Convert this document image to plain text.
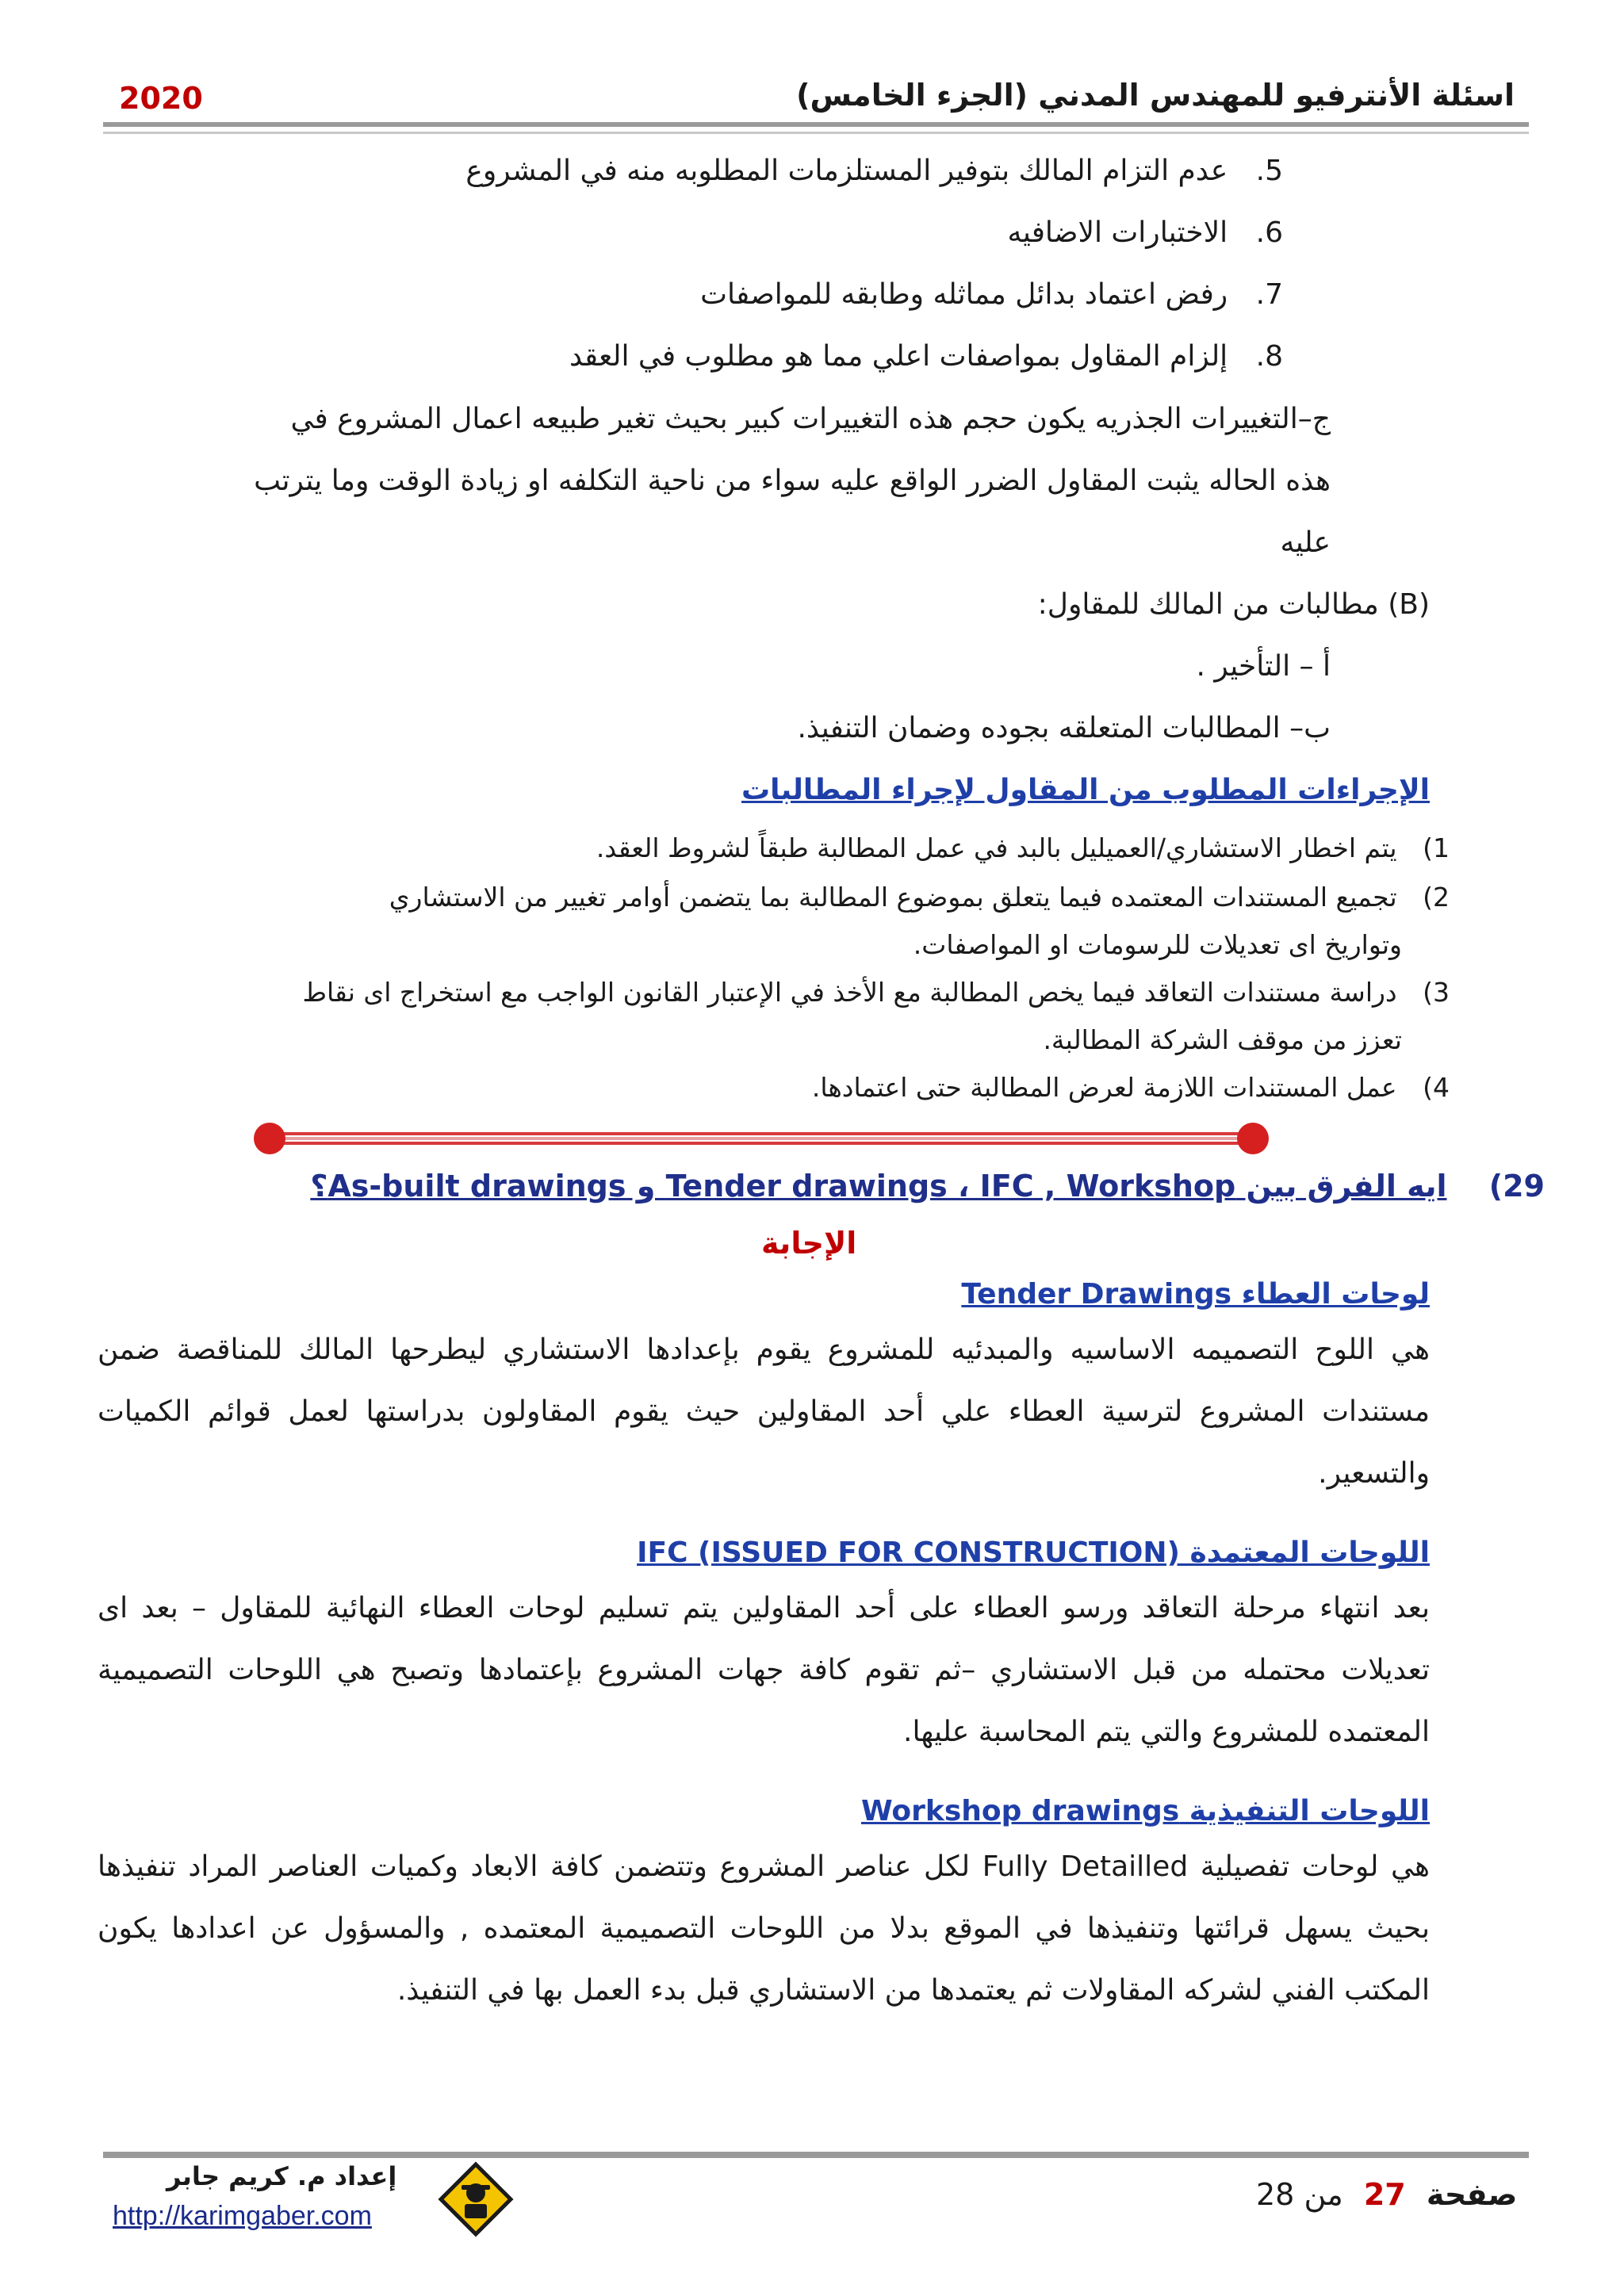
اسئلة الأنترفيو للمهندس المدني (الجزء الخامس)
2020
5. عدم التزام المالك بتوفير المستلزمات المطلوبه منه في المشروع
6. الاختبارات الاضافيه
7. رفض اعتماد بدائل مماثله وطابقه للمواصفات
8. إلزام المقاول بمواصفات اعلي مما هو مطلوب في العقد
ج–التغييرات الجذريه يكون حجم هذه التغييرات كبير بحيث تغير طبيعه اعمال المشروع في
هذه الحاله يثبت المقاول الضرر الواقع عليه سواء من ناحية التكلفه او زيادة الوقت وما يترتب
عليه
(B) مطالبات من المالك للمقاول:
أ – التأخير .
ب– المطالبات المتعلقه بجوده وضمان التنفيذ.
الإجراءات المطلوب من المقاول لإجراء المطالبات
1) يتم اخطار الاستشاري/العميليل بالبد في عمل المطالبة طبقاً لشروط العقد.
2) تجميع المستندات المعتمده فيما يتعلق بموضوع المطالبة بما يتضمن أوامر تغيير من الاستشاري
وتواريخ اى تعديلات للرسومات او المواصفات.
3) دراسة مستندات التعاقد فيما يخص المطالبة مع الأخذ في الإعتبار القانون الواجب مع استخراج اى نقاط
تعزز من موقف الشركة المطالبة.
4) عمل المستندات اللازمة لعرض المطالبة حتى اعتمادها.
29) ايه الفرق بين Tender drawings ، IFC , Workshop و As-built drawings؟
الإجابة
لوحات العطاء Tender Drawings
هي اللوح التصميمه الاساسيه والمبدئيه للمشروع يقوم بإعدادها الاستشاري ليطرحها المالك للمناقصة ضمن مستندات المشروع لترسية العطاء علي أحد المقاولين حيث يقوم المقاولون بدراستها لعمل قوائم الكميات والتسعير.
اللوحات المعتمدة IFC (ISSUED FOR CONSTRUCTION)
بعد انتهاء مرحلة التعاقد ورسو العطاء على أحد المقاولين يتم تسليم لوحات العطاء النهائية للمقاول – بعد اى تعديلات محتمله من قبل الاستشاري –ثم تقوم كافة جهات المشروع بإعتمادها وتصبح هي اللوحات التصميمية المعتمده للمشروع والتي يتم المحاسبة عليها.
اللوحات التنفيذية Workshop drawings
هي لوحات تفصيلية Fully Detailled لكل عناصر المشروع وتتضمن كافة الابعاد وكميات العناصر المراد تنفيذها بحيث يسهل قرائتها وتنفيذها في الموقع بدلا من اللوحات التصميمية المعتمده , والمسؤول عن اعدادها يكون المكتب الفني لشركه المقاولات ثم يعتمدها من الاستشاري قبل بدء العمل بها في التنفيذ.
إعداد م. كريم جابر
http://karimgaber.com
صفحة 27 من 28
